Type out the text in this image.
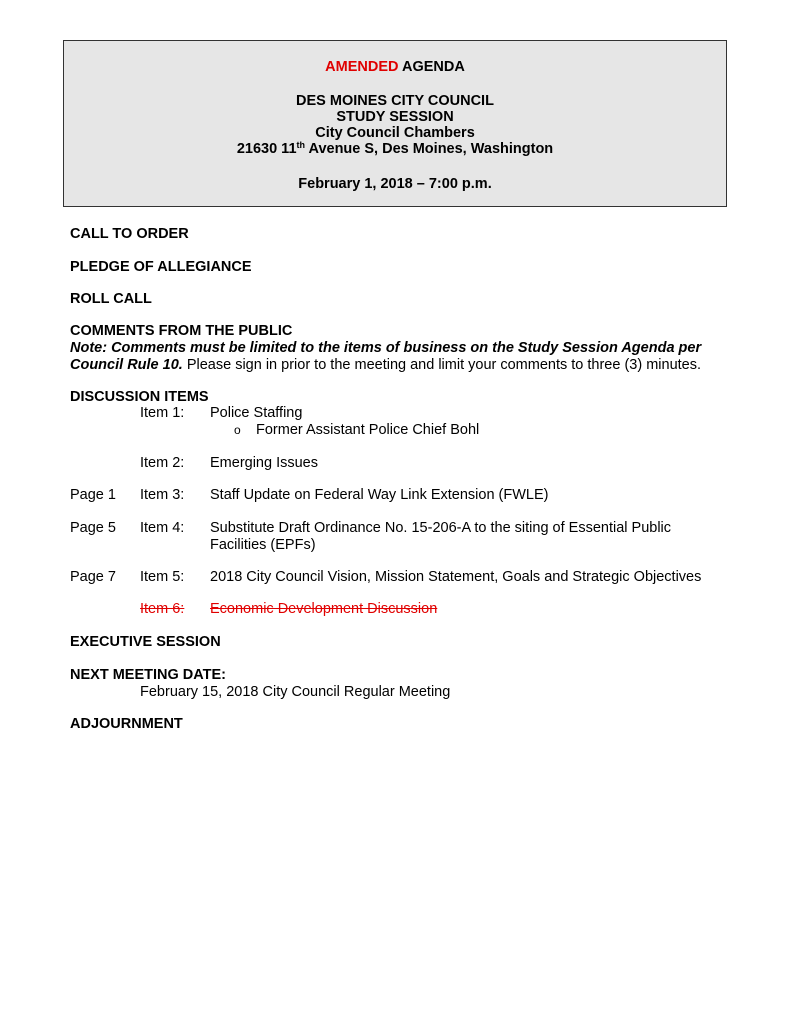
AMENDED AGENDA
DES MOINES CITY COUNCIL
STUDY SESSION
City Council Chambers
21630 11th Avenue S, Des Moines, Washington
February 1, 2018 – 7:00 p.m.
CALL TO ORDER
PLEDGE OF ALLEGIANCE
ROLL CALL
COMMENTS FROM THE PUBLIC
Note: Comments must be limited to the items of business on the Study Session Agenda per
Council Rule 10. Please sign in prior to the meeting and limit your comments to three (3) minutes.
DISCUSSION ITEMS
Item 1: Police Staffing
o Former Assistant Police Chief Bohl
Item 2: Emerging Issues
Page 1 Item 3: Staff Update on Federal Way Link Extension (FWLE)
Page 5 Item 4: Substitute Draft Ordinance No. 15-206-A to the siting of Essential Public
Facilities (EPFs)
Page 7 Item 5: 2018 City Council Vision, Mission Statement, Goals and Strategic Objectives
Item 6:	Economic Development Discussion
EXECUTIVE SESSION
NEXT MEETING DATE:
February 15, 2018 City Council Regular Meeting
ADJOURNMENT
